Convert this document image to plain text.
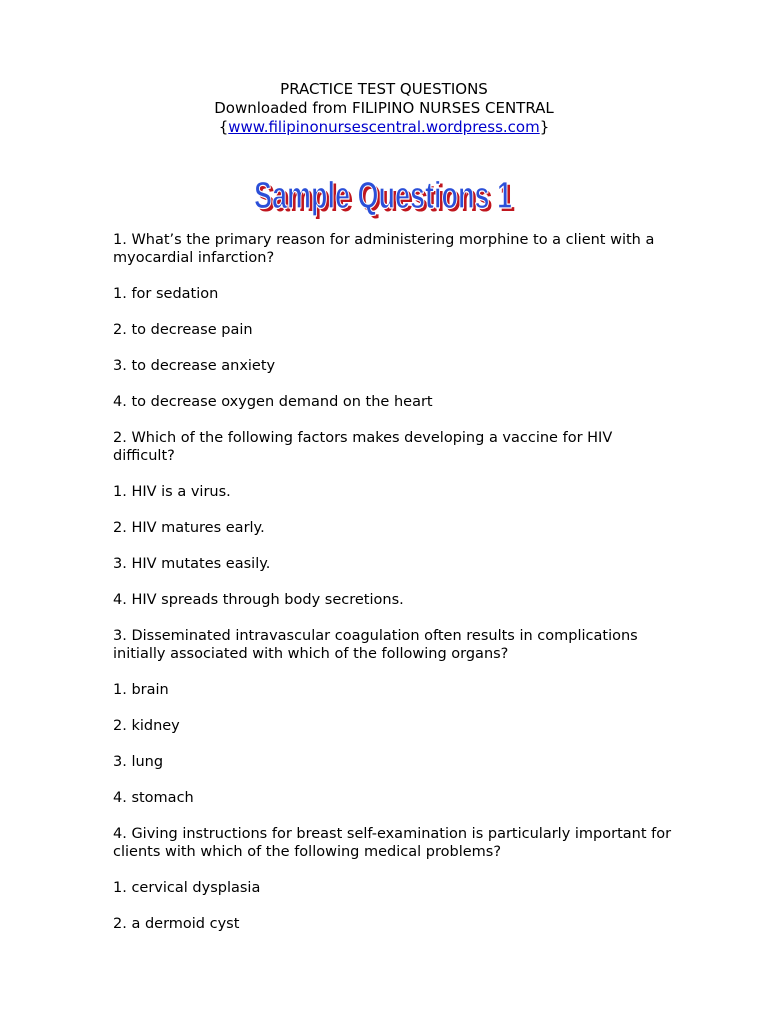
PRACTICE TEST QUESTIONS
Downloaded from FILIPINO NURSES CENTRAL
{www.filipinonursescentral.wordpress.com}
Sample Questions 1
Sample Questions 1

1. What’s the primary reason for administering morphine to a client with a myocardial infarction?

1. for sedation

2. to decrease pain

3. to decrease anxiety

4. to decrease oxygen demand on the heart

2. Which of the following factors makes developing a vaccine for HIV difficult?

1. HIV is a virus.

2. HIV matures early.

3. HIV mutates easily.

4. HIV spreads through body secretions.

3. Disseminated intravascular coagulation often results in complications initially associated with which of the following organs?

1. brain

2. kidney

3. lung

4. stomach

4. Giving instructions for breast self-examination is particularly important for clients with which of the following medical problems?

1. cervical dysplasia

2. a dermoid cyst
